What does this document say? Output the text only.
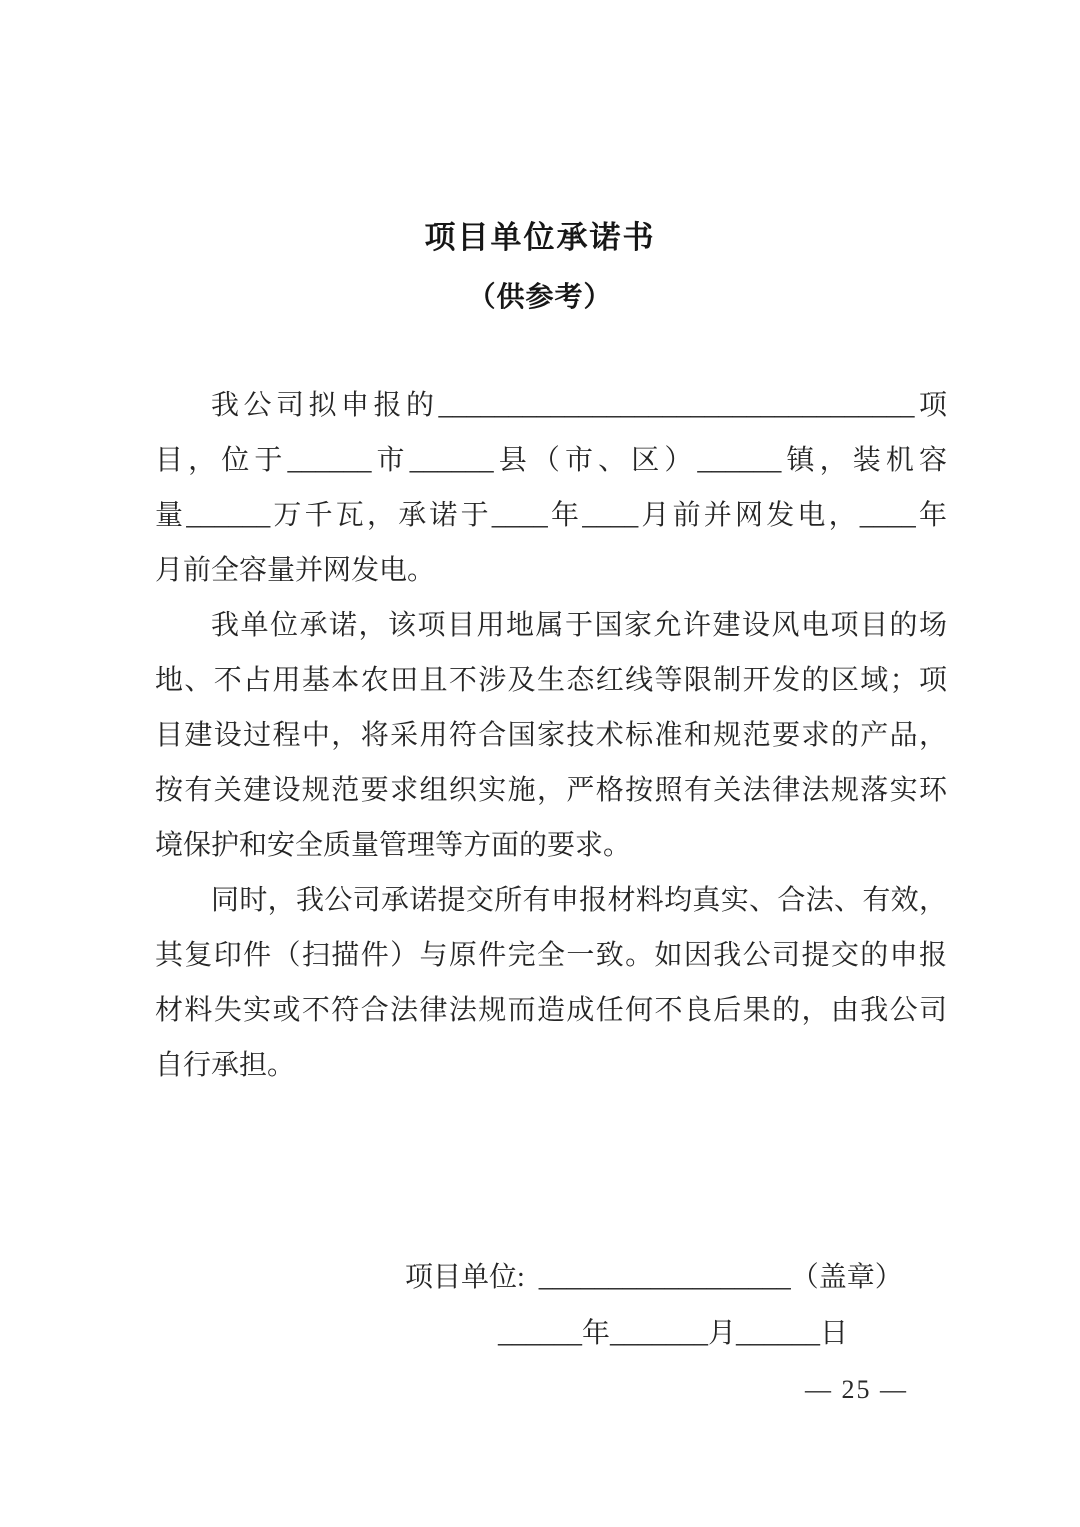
项目单位承诺书
（供参考）
我公司拟申报的__________________________________项
目，位于______市______县（市、区）______镇，装机容
量______万千瓦，承诺于____年____月前并网发电，____年
月前全容量并网发电。
我单位承诺，该项目用地属于国家允许建设风电项目的场
地、不占用基本农田且不涉及生态红线等限制开发的区域；项
目建设过程中，将采用符合国家技术标准和规范要求的产品，
按有关建设规范要求组织实施，严格按照有关法律法规落实环
境保护和安全质量管理等方面的要求。
同时，我公司承诺提交所有申报材料均真实、合法、有效，
其复印件（扫描件）与原件完全一致。如因我公司提交的申报
材料失实或不符合法律法规而造成任何不良后果的，由我公司
自行承担。
项目单位:  __________________（盖章）
______年_______月______日
— 25 —
